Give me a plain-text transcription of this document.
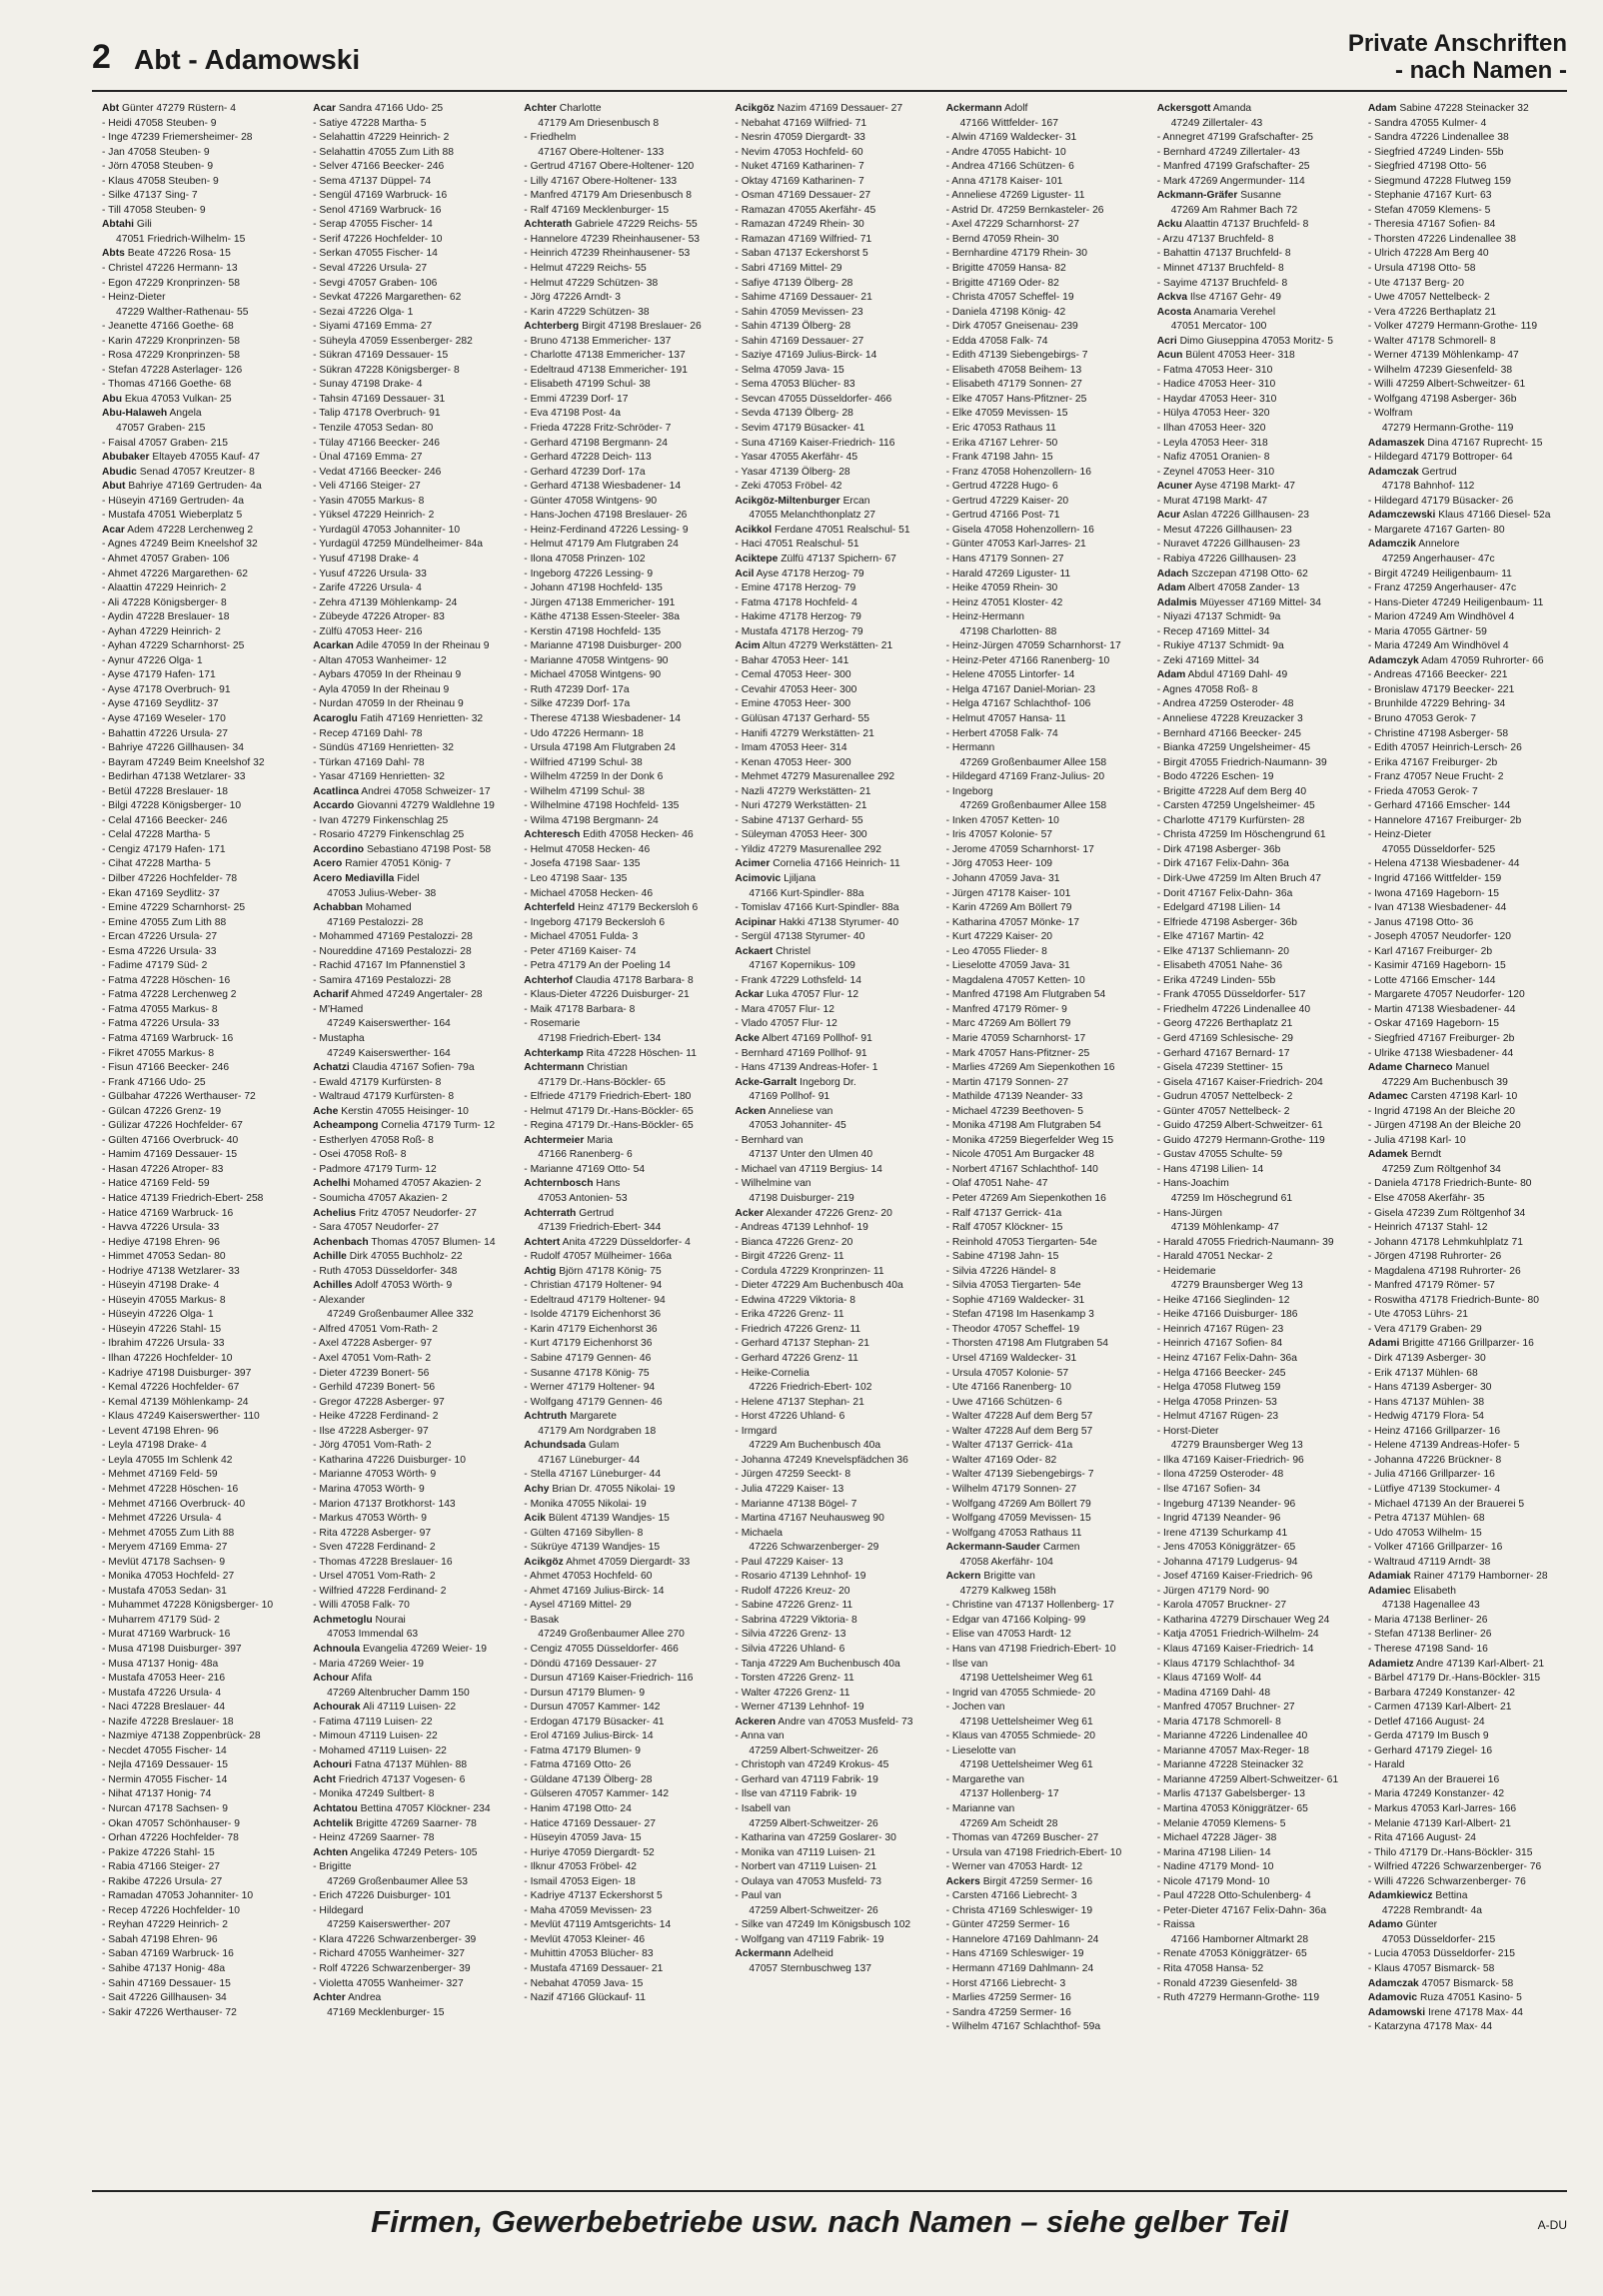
2 Abt - Adamowski
Private Anschriften
- nach Namen -
Abt Günter 47279 Rüstern- 4
- Heidi 47058 Steuben- 9
- Inge 47239 Friemersheimer- 28
- Jan 47058 Steuben- 9
- Jörn 47058 Steuben- 9
- Klaus 47058 Steuben- 9
- Silke 47137 Sing- 7
- Till 47058 Steuben- 9
Abtahi Gili
47051 Friedrich-Wilhelm- 15
Abts Beate 47226 Rosa- 15
- Christel 47226 Hermann- 13
- Egon 47229 Kronprinzen- 58
- Heinz-Dieter
47229 Walther-Rathenau- 55
- Jeanette 47166 Goethe- 68
- Karin 47229 Kronprinzen- 58
- Rosa 47229 Kronprinzen- 58
- Stefan 47228 Asterlager- 126
- Thomas 47166 Goethe- 68
Abu Ekua 47053 Vulkan- 25
Abu-Halaweh Angela
47057 Graben- 215
- Faisal 47057 Graben- 215
Abubaker Eltayeb 47055 Kauf- 47
Abudic Senad 47057 Kreutzer- 8
Abut Bahriye 47169 Gertruden- 4a
- Hüseyin 47169 Gertruden- 4a
- Mustafa 47051 Wieberplatz 5
Acar Adem 47228 Lerchenweg 2
- Agnes 47249 Beim Kneelshof 32
- Ahmet 47057 Graben- 106
- Ahmet 47226 Margarethen- 62
- Alaattin 47229 Heinrich- 2
- Ali 47228 Königsberger- 8
- Aydin 47228 Breslauer- 18
- Ayhan 47229 Heinrich- 2
- Ayhan 47229 Scharnhorst- 25
- Aynur 47226 Olga- 1
- Ayse 47179 Hafen- 171
- Ayse 47178 Overbruch- 91
- Ayse 47169 Seydlitz- 37
- Ayse 47169 Weseler- 170
- Bahattin 47226 Ursula- 27
- Bahriye 47226 Gillhausen- 34
- Bayram 47249 Beim Kneelshof 32
- Bedirhan 47138 Wetzlarer- 33
- Betül 47228 Breslauer- 18
- Bilgi 47228 Königsberger- 10
- Celal 47166 Beecker- 246
- Celal 47228 Martha- 5
- Cengiz 47179 Hafen- 171
- Cihat 47228 Martha- 5
- Dilber 47226 Hochfelder- 78
- Ekan 47169 Seydlitz- 37
- Emine 47229 Scharnhorst- 25
- Emine 47055 Zum Lith 88
- Ercan 47226 Ursula- 27
- Esma 47226 Ursula- 33
- Fadime 47179 Süd- 2
- Fatma 47228 Höschen- 16
- Fatma 47228 Lerchenweg 2
- Fatma 47055 Markus- 8
- Fatma 47226 Ursula- 33
- Fatma 47169 Warbruck- 16
- Fikret 47055 Markus- 8
- Fisun 47166 Beecker- 246
- Frank 47166 Udo- 25
- Gülbahar 47226 Werthauser- 72
- Gülcan 47226 Grenz- 19
- Gülizar 47226 Hochfelder- 67
- Gülten 47166 Overbruck- 40
- Hamim 47169 Dessauer- 15
- Hasan 47226 Atroper- 83
- Hatice 47169 Feld- 59
- Hatice 47139 Friedrich-Ebert- 258
- Hatice 47169 Warbruck- 16
- Havva 47226 Ursula- 33
- Hediye 47198 Ehren- 96
- Himmet 47053 Sedan- 80
- Hodriye 47138 Wetzlarer- 33
- Hüseyin 47198 Drake- 4
- Hüseyin 47055 Markus- 8
- Hüseyin 47226 Olga- 1
- Hüseyin 47226 Stahl- 15
- Ibrahim 47226 Ursula- 33
- Ilhan 47226 Hochfelder- 10
- Kadriye 47198 Duisburger- 397
- Kemal 47226 Hochfelder- 67
- Kemal 47139 Möhlenkamp- 24
- Klaus 47249 Kaiserswerther- 110
- Levent 47198 Ehren- 96
- Leyla 47198 Drake- 4
- Leyla 47055 Im Schlenk 42
- Mehmet 47169 Feld- 59
- Mehmet 47228 Höschen- 16
- Mehmet 47166 Overbruck- 40
- Mehmet 47226 Ursula- 4
- Mehmet 47055 Zum Lith 88
- Meryem 47169 Emma- 27
- Mevlüt 47178 Sachsen- 9
- Monika 47053 Hochfeld- 27
- Mustafa 47053 Sedan- 31
- Muhammet 47228 Königsberger- 10
- Muharrem 47179 Süd- 2
- Murat 47169 Warbruck- 16
- Musa 47198 Duisburger- 397
- Musa 47137 Honig- 48a
- Mustafa 47053 Heer- 216
- Mustafa 47226 Ursula- 4
- Naci 47228 Breslauer- 44
- Nazife 47228 Breslauer- 18
- Nazmiye 47138 Zoppenbrück- 28
- Necdet 47055 Fischer- 14
- Nejla 47169 Dessauer- 15
- Nermin 47055 Fischer- 14
- Nihat 47137 Honig- 74
- Nurcan 47178 Sachsen- 9
- Okan 47057 Schönhauser- 9
- Orhan 47226 Hochfelder- 78
- Pakize 47226 Stahl- 15
- Rabia 47166 Steiger- 27
- Rakibe 47226 Ursula- 27
- Ramadan 47053 Johanniter- 10
- Recep 47226 Hochfelder- 10
- Reyhan 47229 Heinrich- 2
- Sabah 47198 Ehren- 96
- Saban 47169 Warbruck- 16
- Sahibe 47137 Honig- 48a
- Sahin 47169 Dessauer- 15
- Sait 47226 Gillhausen- 34
- Sakir 47226 Werthauser- 72
Acar Sandra 47166 Udo- 25
- Satiye 47228 Martha- 5
- Selahattin 47229 Heinrich- 2
- Selahattin 47055 Zum Lith 88
- Selver 47166 Beecker- 246
- Sema 47137 Düppel- 74
- Sengül 47169 Warbruck- 16
- Senol 47169 Warbruck- 16
- Serap 47055 Fischer- 14
- Serif 47226 Hochfelder- 10
- Serkan 47055 Fischer- 14
- Seval 47226 Ursula- 27
- Sevgi 47057 Graben- 106
- Sevkat 47226 Margarethen- 62
- Sezai 47226 Olga- 1
- Siyami 47169 Emma- 27
- Süheyla 47059 Essenberger- 282
- Sükran 47169 Dessauer- 15
- Sükran 47228 Königsberger- 8
- Sunay 47198 Drake- 4
- Tahsin 47169 Dessauer- 31
- Talip 47178 Overbruch- 91
- Tenzile 47053 Sedan- 80
- Tülay 47166 Beecker- 246
- Ünal 47169 Emma- 27
- Vedat 47166 Beecker- 246
- Veli 47166 Steiger- 27
- Yasin 47055 Markus- 8
- Yüksel 47229 Heinrich- 2
- Yurdagül 47053 Johanniter- 10
- Yurdagül 47259 Mündelheimer- 84a
- Yusuf 47198 Drake- 4
- Yusuf 47226 Ursula- 33
- Zarife 47226 Ursula- 4
- Zehra 47139 Möhlenkamp- 24
- Zübeyde 47226 Atroper- 83
- Zülfü 47053 Heer- 216
Acarkan Adile 47059 In der Rheinau 9
- Altan 47053 Wanheimer- 12
- Aybars 47059 In der Rheinau 9
- Ayla 47059 In der Rheinau 9
- Nurdan 47059 In der Rheinau 9
Acaroglu Fatih 47169 Henrietten- 32
- Recep 47169 Dahl- 78
- Sündüs 47169 Henrietten- 32
- Türkan 47169 Dahl- 78
- Yasar 47169 Henrietten- 32
Acatlinca Andrei 47058 Schweizer- 17
Accardo Giovanni 47279 Waldlehne 19
- Ivan 47279 Finkenschlag 25
- Rosario 47279 Finkenschlag 25
Accordino Sebastiano 47198 Post- 58
Acero Ramier 47051 König- 7
Acero Mediavilla Fidel
47053 Julius-Weber- 38
Achabban Mohamed
47169 Pestalozzi- 28
- Mohammed 47169 Pestalozzi- 28
- Noureddine 47169 Pestalozzi- 28
- Rachid 47167 Im Pfannenstiel 3
- Samira 47169 Pestalozzi- 28
Acharif Ahmed 47249 Angertaler- 28
- M'Hamed
47249 Kaiserswerther- 164
- Mustapha
47249 Kaiserswerther- 164
Achatzi Claudia 47167 Sofien- 79a
- Ewald 47179 Kurfürsten- 8
- Waltraud 47179 Kurfürsten- 8
Ache Kerstin 47055 Heisinger- 10
Acheampong Cornelia 47179 Turm- 12
- Estherlyen 47058 Roß- 8
- Osei 47058 Roß- 8
- Padmore 47179 Turm- 12
Achelhi Mohamed 47057 Akazien- 2
- Soumicha 47057 Akazien- 2
Achelius Fritz 47057 Neudorfer- 27
- Sara 47057 Neudorfer- 27
Achenbach Thomas 47057 Blumen- 14
Achille Dirk 47055 Buchholz- 22
- Ruth 47053 Düsseldorfer- 348
Achilles Adolf 47053 Wörth- 9
- Alexander
47249 Großenbaumer Allee 332
- Alfred 47051 Vom-Rath- 2
- Axel 47228 Asberger- 97
- Axel 47051 Vom-Rath- 2
- Dieter 47239 Bonert- 56
- Gerhild 47239 Bonert- 56
- Gregor 47228 Asberger- 97
- Heike 47228 Ferdinand- 2
- Ilse 47228 Asberger- 97
- Jörg 47051 Vom-Rath- 2
- Katharina 47226 Duisburger- 10
- Marianne 47053 Wörth- 9
- Marina 47053 Wörth- 9
- Marion 47137 Brotkhorst- 143
- Markus 47053 Wörth- 9
- Rita 47228 Asberger- 97
- Sven 47228 Ferdinand- 2
- Thomas 47228 Breslauer- 16
- Ursel 47051 Vom-Rath- 2
- Wilfried 47228 Ferdinand- 2
- Willi 47058 Falk- 70
Achmetoglu Nourai
47053 Immendal 63
Achnoula Evangelia 47269 Weier- 19
- Maria 47269 Weier- 19
Achour Afifa
47269 Altenbrucher Damm 150
Achourak Ali 47119 Luisen- 22
- Fatima 47119 Luisen- 22
- Mimoun 47119 Luisen- 22
- Mohamed 47119 Luisen- 22
Achouri Fatna 47137 Mühlen- 88
Acht Friedrich 47137 Vogesen- 6
- Monika 47249 Sultbert- 8
Achtatou Bettina 47057 Klöckner- 234
Achtelik Brigitte 47269 Saarner- 78
- Heinz 47269 Saarner- 78
Achten Angelika 47249 Peters- 105
- Brigitte
47269 Großenbaumer Allee 53
- Erich 47226 Duisburger- 101
- Hildegard
47259 Kaiserswerther- 207
- Klara 47226 Schwarzenberger- 39
- Richard 47055 Wanheimer- 327
- Rolf 47226 Schwarzenberger- 39
- Violetta 47055 Wanheimer- 327
Achter Andrea
47169 Mecklenburger- 15
Achter Charlotte
47179 Am Driesenbusch 8
- Friedhelm
47167 Obere-Holtener- 133
- Gertrud 47167 Obere-Holtener- 120
- Lilly 47167 Obere-Holtener- 133
- Manfred 47179 Am Driesenbusch 8
- Ralf 47169 Mecklenburger- 15
Achterath Gabriele 47229 Reichs- 55
- Hannelore 47239 Rheinhausener- 53
- Heinrich 47239 Rheinhausener- 53
- Helmut 47229 Reichs- 55
- Helmut 47229 Schützen- 38
- Jörg 47226 Arndt- 3
- Karin 47229 Schützen- 38
Achterberg Birgit 47198 Breslauer- 26
- Bruno 47138 Emmericher- 137
- Charlotte 47138 Emmericher- 137
- Edeltraud 47138 Emmericher- 191
- Elisabeth 47199 Schul- 38
- Emmi 47239 Dorf- 17
- Eva 47198 Post- 4a
- Frieda 47228 Fritz-Schröder- 7
- Gerhard 47198 Bergmann- 24
- Gerhard 47228 Deich- 113
- Gerhard 47239 Dorf- 17a
- Gerhard 47138 Wiesbadener- 14
- Günter 47058 Wintgens- 90
- Hans-Jochen 47198 Breslauer- 26
- Heinz-Ferdinand 47226 Lessing- 9
- Helmut 47179 Am Flutgraben 24
- Ilona 47058 Prinzen- 102
- Ingeborg 47226 Lessing- 9
- Johann 47198 Hochfeld- 135
- Jürgen 47138 Emmericher- 191
- Käthe 47138 Essen-Steeler- 38a
- Kerstin 47198 Hochfeld- 135
- Marianne 47198 Duisburger- 200
- Marianne 47058 Wintgens- 90
- Michael 47058 Wintgens- 90
- Ruth 47239 Dorf- 17a
- Silke 47239 Dorf- 17a
- Therese 47138 Wiesbadener- 14
- Udo 47226 Hermann- 18
- Ursula 47198 Am Flutgraben 24
- Wilfried 47199 Schul- 38
- Wilhelm 47259 In der Donk 6
- Wilhelm 47199 Schul- 38
- Wilhelmine 47198 Hochfeld- 135
- Wilma 47198 Bergmann- 24
Achteresch Edith 47058 Hecken- 46
- Helmut 47058 Hecken- 46
- Josefa 47198 Saar- 135
- Leo 47198 Saar- 135
- Michael 47058 Hecken- 46
Achterfeld Heinz 47179 Beckersloh 6
- Ingeborg 47179 Beckersloh 6
- Michael 47051 Fulda- 3
- Peter 47169 Kaiser- 74
- Petra 47179 An der Poeling 14
Achterhof Claudia 47178 Barbara- 8
- Klaus-Dieter 47226 Duisburger- 21
- Maik 47178 Barbara- 8
- Rosemarie
47198 Friedrich-Ebert- 134
Achterkamp Rita 47228 Höschen- 11
Achtermann Christian
47179 Dr.-Hans-Böckler- 65
- Elfriede 47179 Friedrich-Ebert- 180
- Helmut 47179 Dr.-Hans-Böckler- 65
- Regina 47179 Dr.-Hans-Böckler- 65
Achtermeier Maria
47166 Ranenberg- 6
- Marianne 47169 Otto- 54
Achternbosch Hans
47053 Antonien- 53
Achterrath Gertrud
47139 Friedrich-Ebert- 344
Achtert Anita 47229 Düsseldorfer- 4
- Rudolf 47057 Mülheimer- 166a
Achtig Björn 47178 König- 75
- Christian 47179 Holtener- 94
- Edeltraud 47179 Holtener- 94
- Isolde 47179 Eichenhorst 36
- Karin 47179 Eichenhorst 36
- Kurt 47179 Eichenhorst 36
- Sabine 47179 Gennen- 46
- Susanne 47178 König- 75
- Werner 47179 Holtener- 94
- Wolfgang 47179 Gennen- 46
Achtruth Margarete
47179 Am Nordgraben 18
Achundsada Gulam
47167 Lüneburger- 44
- Stella 47167 Lüneburger- 44
Achy Brian Dr. 47055 Nikolai- 19
- Monika 47055 Nikolai- 19
Acik Bülent 47139 Wandjes- 15
- Gülten 47169 Sibyllen- 8
- Sükrüye 47139 Wandjes- 15
Acikgöz Ahmet 47059 Diergardt- 33
- Ahmet 47053 Hochfeld- 60
- Ahmet 47169 Julius-Birck- 14
- Aysel 47169 Mittel- 29
- Basak
47249 Großenbaumer Allee 270
- Cengiz 47055 Düsseldorfer- 466
- Döndü 47169 Dessauer- 27
- Dursun 47169 Kaiser-Friedrich- 116
- Dursun 47179 Blumen- 9
- Dursun 47057 Kammer- 142
- Erdogan 47179 Büsacker- 41
- Erol 47169 Julius-Birck- 14
- Fatma 47179 Blumen- 9
- Fatma 47169 Otto- 26
- Güldane 47139 Ölberg- 28
- Gülseren 47057 Kammer- 142
- Hanim 47198 Otto- 24
- Hatice 47169 Dessauer- 27
- Hüseyin 47059 Java- 15
- Huriye 47059 Diergardt- 52
- Ilknur 47053 Fröbel- 42
- Ismail 47053 Eigen- 18
- Kadriye 47137 Eckershorst 5
- Maha 47059 Mevissen- 23
- Mevlüt 47119 Amtsgerichts- 14
- Mevlüt 47053 Kleiner- 46
- Muhittin 47053 Blücher- 83
- Mustafa 47169 Dessauer- 21
- Nebahat 47059 Java- 15
- Nazif 47166 Glückauf- 11
Acikgöz Nazim 47169 Dessauer- 27
- Nebahat 47169 Wilfried- 71
- Nesrin 47059 Diergardt- 33
- Nevim 47053 Hochfeld- 60
- Nuket 47169 Katharinen- 7
- Oktay 47169 Katharinen- 7
- Osman 47169 Dessauer- 27
- Ramazan 47055 Akerfähr- 45
- Ramazan 47249 Rhein- 30
- Ramazan 47169 Wilfried- 71
- Saban 47137 Eckershorst 5
- Sabri 47169 Mittel- 29
- Safiye 47139 Ölberg- 28
- Sahime 47169 Dessauer- 21
- Sahin 47059 Mevissen- 23
- Sahin 47139 Ölberg- 28
- Sahin 47169 Dessauer- 27
- Saziye 47169 Julius-Birck- 14
- Selma 47059 Java- 15
- Sema 47053 Blücher- 83
- Sevcan 47055 Düsseldorfer- 466
- Sevda 47139 Ölberg- 28
- Sevim 47179 Büsacker- 41
- Suna 47169 Kaiser-Friedrich- 116
- Yasar 47055 Akerfähr- 45
- Yasar 47139 Ölberg- 28
- Zeki 47053 Fröbel- 42
Acikgöz-Miltenburger Ercan
47055 Melanchthonplatz 27
Acikkol Ferdane 47051 Realschul- 51
- Haci 47051 Realschul- 51
Aciktepe Zülfü 47137 Spichern- 67
Acil Ayse 47178 Herzog- 79
- Emine 47178 Herzog- 79
- Fatma 47178 Hochfeld- 4
- Hakime 47178 Herzog- 79
- Mustafa 47178 Herzog- 79
Acim Altun 47279 Werkstätten- 21
- Bahar 47053 Heer- 141
- Cemal 47053 Heer- 300
- Cevahir 47053 Heer- 300
- Emine 47053 Heer- 300
- Gülüsan 47137 Gerhard- 55
- Hanifi 47279 Werkstätten- 21
- Imam 47053 Heer- 314
- Kenan 47053 Heer- 300
- Mehmet 47279 Masurenallee 292
- Nazli 47279 Werkstätten- 21
- Nuri 47279 Werkstätten- 21
- Sabine 47137 Gerhard- 55
- Süleyman 47053 Heer- 300
- Yildiz 47279 Masurenallee 292
Acimer Cornelia 47166 Heinrich- 11
Acimovic Ljiljana
47166 Kurt-Spindler- 88a
- Tomislav 47166 Kurt-Spindler- 88a
Acipinar Hakki 47138 Styrumer- 40
- Sergül 47138 Styrumer- 40
Ackaert Christel
47167 Kopernikus- 109
- Frank 47229 Lothsfeld- 14
Ackar Luka 47057 Flur- 12
- Mara 47057 Flur- 12
- Vlado 47057 Flur- 12
Acke Albert 47169 Pollhof- 91
- Bernhard 47169 Pollhof- 91
- Hans 47139 Andreas-Hofer- 1
Acke-Garralt Ingeborg Dr.
47169 Pollhof- 91
Acken Anneliese van
47053 Johanniter- 45
- Bernhard van
47137 Unter den Ulmen 40
- Michael van 47119 Bergius- 14
- Wilhelmine van
47198 Duisburger- 219
Acker Alexander 47226 Grenz- 20
- Andreas 47139 Lehnhof- 19
- Bianca 47226 Grenz- 20
- Birgit 47226 Grenz- 11
- Cordula 47229 Kronprinzen- 11
- Dieter 47229 Am Buchenbusch 40a
- Edwina 47229 Viktoria- 8
- Erika 47226 Grenz- 11
- Friedrich 47226 Grenz- 11
- Gerhard 47137 Stephan- 21
- Gerhard 47226 Grenz- 11
- Heike-Cornelia
47226 Friedrich-Ebert- 102
- Helene 47137 Stephan- 21
- Horst 47226 Uhland- 6
- Irmgard
47229 Am Buchenbusch 40a
- Johanna 47249 Knevelspfädchen 36
- Jürgen 47259 Seeckt- 8
- Julia 47229 Kaiser- 13
- Marianne 47138 Bögel- 7
- Martina 47167 Neuhausweg 90
- Michaela
47226 Schwarzenberger- 29
- Paul 47229 Kaiser- 13
- Rosario 47139 Lehnhof- 19
- Rudolf 47226 Kreuz- 20
- Sabine 47226 Grenz- 11
- Sabrina 47229 Viktoria- 8
- Silvia 47226 Grenz- 13
- Silvia 47226 Uhland- 6
- Tanja 47229 Am Buchenbusch 40a
- Torsten 47226 Grenz- 11
- Walter 47226 Grenz- 11
- Werner 47139 Lehnhof- 19
Ackeren Andre van 47053 Musfeld- 73
- Anna van
47259 Albert-Schweitzer- 26
- Christoph van 47249 Krokus- 45
- Gerhard van 47119 Fabrik- 19
- Ilse van 47119 Fabrik- 19
- Isabell van
47259 Albert-Schweitzer- 26
- Katharina van 47259 Goslarer- 30
- Monika van 47119 Luisen- 21
- Norbert van 47119 Luisen- 21
- Oulaya van 47053 Musfeld- 73
- Paul van
47259 Albert-Schweitzer- 26
- Silke van 47249 Im Königsbusch 102
- Wolfgang van 47119 Fabrik- 19
Ackermann Adelheid
47057 Sternbuschweg 137
Ackermann Adolf
47166 Wittfelder- 167
- Alwin 47169 Waldecker- 31
- Andre 47055 Habicht- 10
- Andrea 47166 Schützen- 6
- Anna 47178 Kaiser- 101
- Anneliese 47269 Liguster- 11
- Astrid Dr. 47259 Bernkasteler- 26
- Axel 47229 Scharnhorst- 27
- Bernd 47059 Rhein- 30
- Bernhardine 47179 Rhein- 30
- Brigitte 47059 Hansa- 82
- Brigitte 47169 Oder- 82
- Christa 47057 Scheffel- 19
- Daniela 47198 König- 42
- Dirk 47057 Gneisenau- 239
- Edda 47058 Falk- 74
- Edith 47139 Siebengebirgs- 7
- Elisabeth 47058 Beihem- 13
- Elisabeth 47179 Sonnen- 27
- Elke 47057 Hans-Pfitzner- 25
- Elke 47059 Mevissen- 15
- Eric 47053 Rathaus 11
- Erika 47167 Lehrer- 50
- Frank 47198 Jahn- 15
- Franz 47058 Hohenzollern- 16
- Gertrud 47228 Hugo- 6
- Gertrud 47229 Kaiser- 20
- Gertrud 47166 Post- 71
- Gisela 47058 Hohenzollern- 16
- Günter 47053 Karl-Jarres- 21
- Hans 47179 Sonnen- 27
- Harald 47269 Liguster- 11
- Heike 47059 Rhein- 30
- Heinz 47051 Kloster- 42
- Heinz-Hermann
47198 Charlotten- 88
- Heinz-Jürgen 47059 Scharnhorst- 17
- Heinz-Peter 47166 Ranenberg- 10
- Helene 47055 Lintorfer- 14
- Helga 47167 Daniel-Morian- 23
- Helga 47167 Schlachthof- 106
- Helmut 47057 Hansa- 11
- Herbert 47058 Falk- 74
- Hermann
47269 Großenbaumer Allee 158
- Hildegard 47169 Franz-Julius- 20
- Ingeborg
47269 Großenbaumer Allee 158
- Inken 47057 Ketten- 10
- Iris 47057 Kolonie- 57
- Jerome 47059 Scharnhorst- 17
- Jörg 47053 Heer- 109
- Johann 47059 Java- 31
- Jürgen 47178 Kaiser- 101
- Karin 47269 Am Böllert 79
- Katharina 47057 Mönke- 17
- Kurt 47229 Kaiser- 20
- Leo 47055 Flieder- 8
- Lieselotte 47059 Java- 31
- Magdalena 47057 Ketten- 10
- Manfred 47198 Am Flutgraben 54
- Manfred 47179 Römer- 9
- Marc 47269 Am Böllert 79
- Marie 47059 Scharnhorst- 17
- Mark 47057 Hans-Pfitzner- 25
- Marlies 47269 Am Siepenkothen 16
- Martin 47179 Sonnen- 27
- Mathilde 47139 Neander- 33
- Michael 47239 Beethoven- 5
- Monika 47198 Am Flutgraben 54
- Monika 47259 Biegerfelder Weg 15
- Nicole 47051 Am Burgacker 48
- Norbert 47167 Schlachthof- 140
- Olaf 47051 Nahe- 47
- Peter 47269 Am Siepenkothen 16
- Ralf 47137 Gerrick- 41a
- Ralf 47057 Klöckner- 15
- Reinhold 47053 Tiergarten- 54e
- Sabine 47198 Jahn- 15
- Silvia 47226 Händel- 8
- Silvia 47053 Tiergarten- 54e
- Sophie 47169 Waldecker- 31
- Stefan 47198 Im Hasenkamp 3
- Theodor 47057 Scheffel- 19
- Thorsten 47198 Am Flutgraben 54
- Ursel 47169 Waldecker- 31
- Ursula 47057 Kolonie- 57
- Ute 47166 Ranenberg- 10
- Uwe 47166 Schützen- 6
- Walter 47228 Auf dem Berg 57
- Walter 47228 Auf dem Berg 57
- Walter 47137 Gerrick- 41a
- Walter 47169 Oder- 82
- Walter 47139 Siebengebirgs- 7
- Wilhelm 47179 Sonnen- 27
- Wolfgang 47269 Am Böllert 79
- Wolfgang 47059 Mevissen- 15
- Wolfgang 47053 Rathaus 11
Ackermann-Sauder Carmen
47058 Akerfähr- 104
Ackern Brigitte van
47279 Kalkweg 158h
- Christine van 47137 Hollenberg- 17
- Edgar van 47166 Kolping- 99
- Elise van 47053 Hardt- 12
- Hans van 47198 Friedrich-Ebert- 10
- Ilse van
47198 Uettelsheimer Weg 61
- Ingrid van 47055 Schmiede- 20
- Jochen van
47198 Uettelsheimer Weg 61
- Klaus van 47055 Schmiede- 20
- Lieselotte van
47198 Uettelsheimer Weg 61
- Margarethe van
47137 Hollenberg- 17
- Marianne van
47269 Am Scheidt 28
- Thomas van 47269 Buscher- 27
- Ursula van 47198 Friedrich-Ebert- 10
- Werner van 47053 Hardt- 12
Ackers Birgit 47259 Sermer- 16
- Carsten 47166 Liebrecht- 3
- Christa 47169 Schleswiger- 19
- Günter 47259 Sermer- 16
- Hannelore 47169 Dahlmann- 24
- Hans 47169 Schleswiger- 19
- Hermann 47169 Dahlmann- 24
- Horst 47166 Liebrecht- 3
- Marlies 47259 Sermer- 16
- Sandra 47259 Sermer- 16
- Wilhelm 47167 Schlachthof- 59a
Ackersgott Amanda
47249 Zillertaler- 43
- Annegret 47199 Grafschafter- 25
- Bernhard 47249 Zillertaler- 43
- Manfred 47199 Grafschafter- 25
- Mark 47269 Angermunder- 114
Ackmann-Gräfer Susanne
47269 Am Rahmer Bach 72
Acku Alaattin 47137 Bruchfeld- 8
- Arzu 47137 Bruchfeld- 8
- Bahattin 47137 Bruchfeld- 8
- Minnet 47137 Bruchfeld- 8
- Sayime 47137 Bruchfeld- 8
Ackva Ilse 47167 Gehr- 49
Acosta Anamaria Verehel
47051 Mercator- 100
Acri Dimo Giuseppina 47053 Moritz- 5
Acun Bülent 47053 Heer- 318
- Fatma 47053 Heer- 310
- Hadice 47053 Heer- 310
- Haydar 47053 Heer- 310
- Hülya 47053 Heer- 320
- Ilhan 47053 Heer- 320
- Leyla 47053 Heer- 318
- Nafiz 47051 Oranien- 8
- Zeynel 47053 Heer- 310
Acuner Ayse 47198 Markt- 47
- Murat 47198 Markt- 47
Acur Aslan 47226 Gillhausen- 23
- Mesut 47226 Gillhausen- 23
- Nuravet 47226 Gillhausen- 23
- Rabiya 47226 Gillhausen- 23
Adach Szczepan 47198 Otto- 62
Adam Albert 47058 Zander- 13
Adalmis Müyesser 47169 Mittel- 34
- Niyazi 47137 Schmidt- 9a
- Recep 47169 Mittel- 34
- Rukiye 47137 Schmidt- 9a
- Zeki 47169 Mittel- 34
Adam Abdul 47169 Dahl- 49
- Agnes 47058 Roß- 8
- Andrea 47259 Osteroder- 48
- Anneliese 47228 Kreuzacker 3
- Bernhard 47166 Beecker- 245
- Bianka 47259 Ungelsheimer- 45
- Birgit 47055 Friedrich-Naumann- 39
- Bodo 47226 Eschen- 19
- Brigitte 47228 Auf dem Berg 40
- Carsten 47259 Ungelsheimer- 45
- Charlotte 47179 Kurfürsten- 28
- Christa 47259 Im Höschengrund 61
- Dirk 47198 Asberger- 36b
- Dirk 47167 Felix-Dahn- 36a
- Dirk-Uwe 47259 Im Alten Bruch 47
- Dorit 47167 Felix-Dahn- 36a
- Edelgard 47198 Lilien- 14
- Elfriede 47198 Asberger- 36b
- Elke 47167 Martin- 42
- Elke 47137 Schliemann- 20
- Elisabeth 47051 Nahe- 36
- Erika 47249 Linden- 55b
- Frank 47055 Düsseldorfer- 517
- Friedhelm 47226 Lindenallee 40
- Georg 47226 Berthaplatz 21
- Gerd 47169 Schlesische- 29
- Gerhard 47167 Bernard- 17
- Gisela 47239 Stettiner- 15
- Gisela 47167 Kaiser-Friedrich- 204
- Gudrun 47057 Nettelbeck- 2
- Günter 47057 Nettelbeck- 2
- Guido 47259 Albert-Schweitzer- 61
- Guido 47279 Hermann-Grothe- 119
- Gustav 47055 Schulte- 59
- Hans 47198 Lilien- 14
- Hans-Joachim
47259 Im Höschegrund 61
- Hans-Jürgen
47139 Möhlenkamp- 47
- Harald 47055 Friedrich-Naumann- 39
- Harald 47051 Neckar- 2
- Heidemarie
47279 Braunsberger Weg 13
- Heike 47166 Sieglinden- 12
- Heike 47166 Duisburger- 186
- Heinrich 47167 Rügen- 23
- Heinrich 47167 Sofien- 84
- Heinz 47167 Felix-Dahn- 36a
- Helga 47166 Beecker- 245
- Helga 47058 Flutweg 159
- Helga 47058 Prinzen- 53
- Helmut 47167 Rügen- 23
- Horst-Dieter
47279 Braunsberger Weg 13
- Ilka 47169 Kaiser-Friedrich- 96
- Ilona 47259 Osteroder- 48
- Ilse 47167 Sofien- 34
- Ingeburg 47139 Neander- 96
- Ingrid 47139 Neander- 96
- Irene 47139 Schurkamp 41
- Jens 47053 Königgrätzer- 65
- Johanna 47179 Ludgerus- 94
- Josef 47169 Kaiser-Friedrich- 96
- Jürgen 47179 Nord- 90
- Karola 47057 Bruckner- 27
- Katharina 47279 Dirschauer Weg 24
- Katja 47051 Friedrich-Wilhelm- 24
- Klaus 47169 Kaiser-Friedrich- 14
- Klaus 47179 Schlachthof- 34
- Klaus 47169 Wolf- 44
- Madina 47169 Dahl- 48
- Manfred 47057 Bruchner- 27
- Maria 47178 Schmorell- 8
- Marianne 47226 Lindenallee 40
- Marianne 47057 Max-Reger- 18
- Marianne 47228 Steinacker 32
- Marianne 47259 Albert-Schweitzer- 61
- Marlis 47137 Gabelsberger- 13
- Martina 47053 Königgrätzer- 65
- Melanie 47059 Klemens- 5
- Michael 47228 Jäger- 38
- Marina 47198 Lilien- 14
- Nadine 47179 Mond- 10
- Nicole 47179 Mond- 10
- Paul 47228 Otto-Schulenberg- 4
- Peter-Dieter 47167 Felix-Dahn- 36a
- Raissa
47166 Hamborner Altmarkt 28
- Renate 47053 Königgrätzer- 65
- Rita 47058 Hansa- 52
- Ronald 47239 Giesenfeld- 38
- Ruth 47279 Hermann-Grothe- 119
Adam Sabine 47228 Steinacker 32
- Sandra 47055 Kulmer- 4
- Sandra 47226 Lindenallee 38
- Siegfried 47249 Linden- 55b
- Siegfried 47198 Otto- 56
- Siegmund 47228 Flutweg 159
- Stephanie 47167 Kurt- 63
- Stefan 47059 Klemens- 5
- Theresia 47167 Sofien- 84
- Thorsten 47226 Lindenallee 38
- Ulrich 47228 Am Berg 40
- Ursula 47198 Otto- 58
- Ute 47137 Berg- 20
- Uwe 47057 Nettelbeck- 2
- Vera 47226 Berthaplatz 21
- Volker 47279 Hermann-Grothe- 119
- Walter 47178 Schmorell- 8
- Werner 47139 Möhlenkamp- 47
- Wilhelm 47239 Giesenfeld- 38
- Willi 47259 Albert-Schweitzer- 61
- Wolfgang 47198 Asberger- 36b
- Wolfram
47279 Hermann-Grothe- 119
Adamaszek Dina 47167 Ruprecht- 15
- Hildegard 47179 Bottroper- 64
Adamczak Gertrud
47178 Bahnhof- 112
- Hildegard 47179 Büsacker- 26
Adamczewski Klaus 47166 Diesel- 52a
- Margarete 47167 Garten- 80
Adamczik Annelore
47259 Angerhauser- 47c
- Birgit 47249 Heiligenbaum- 11
- Franz 47259 Angerhauser- 47c
- Hans-Dieter 47249 Heiligenbaum- 11
- Marion 47249 Am Windhövel 4
- Maria 47055 Gärtner- 59
- Maria 47249 Am Windhövel 4
Adamczyk Adam 47059 Ruhrorter- 66
- Andreas 47166 Beecker- 221
- Bronislaw 47179 Beecker- 221
- Brunhilde 47229 Behring- 34
- Bruno 47053 Gerok- 7
- Christine 47198 Asberger- 58
- Edith 47057 Heinrich-Lersch- 26
- Erika 47167 Freiburger- 2b
- Franz 47057 Neue Frucht- 2
- Frieda 47053 Gerok- 7
- Gerhard 47166 Emscher- 144
- Hannelore 47167 Freiburger- 2b
- Heinz-Dieter
47055 Düsseldorfer- 525
- Helena 47138 Wiesbadener- 44
- Ingrid 47166 Wittfelder- 159
- Iwona 47169 Hageborn- 15
- Ivan 47138 Wiesbadener- 44
- Janus 47198 Otto- 36
- Joseph 47057 Neudorfer- 120
- Karl 47167 Freiburger- 2b
- Kasimir 47169 Hageborn- 15
- Lotte 47166 Emscher- 144
- Margarete 47057 Neudorfer- 120
- Martin 47138 Wiesbadener- 44
- Oskar 47169 Hageborn- 15
- Siegfried 47167 Freiburger- 2b
- Ulrike 47138 Wiesbadener- 44
Adame Charneco Manuel
47229 Am Buchenbusch 39
Adamec Carsten 47198 Karl- 10
- Ingrid 47198 An der Bleiche 20
- Jürgen 47198 An der Bleiche 20
- Julia 47198 Karl- 10
Adamek Berndt
47259 Zum Röltgenhof 34
- Daniela 47178 Friedrich-Bunte- 80
- Else 47058 Akerfähr- 35
- Gisela 47239 Zum Röltgenhof 34
- Heinrich 47137 Stahl- 12
- Johann 47178 Lehmkuhlplatz 71
- Jörgen 47198 Ruhrorter- 26
- Magdalena 47198 Ruhrorter- 26
- Manfred 47179 Römer- 57
- Roswitha 47178 Friedrich-Bunte- 80
- Ute 47053 Lührs- 21
- Vera 47179 Graben- 29
Adami Brigitte 47166 Grillparzer- 16
- Dirk 47139 Asberger- 30
- Erik 47137 Mühlen- 68
- Hans 47139 Asberger- 30
- Hans 47137 Mühlen- 38
- Hedwig 47179 Flora- 54
- Heinz 47166 Grillparzer- 16
- Helene 47139 Andreas-Hofer- 5
- Johanna 47226 Brückner- 8
- Julia 47166 Grillparzer- 16
- Lütfiye 47139 Stockumer- 4
- Michael 47139 An der Brauerei 5
- Petra 47137 Mühlen- 68
- Udo 47053 Wilhelm- 15
- Volker 47166 Grillparzer- 16
- Waltraud 47119 Arndt- 38
Adamiak Rainer 47179 Hamborner- 28
Adamiec Elisabeth
47138 Hagenallee 43
- Maria 47138 Berliner- 26
- Stefan 47138 Berliner- 26
- Therese 47198 Sand- 16
Adamietz Andre 47139 Karl-Albert- 21
- Bärbel 47179 Dr.-Hans-Böckler- 315
- Barbara 47249 Konstanzer- 42
- Carmen 47139 Karl-Albert- 21
- Detlef 47166 August- 24
- Gerda 47179 Im Busch 9
- Gerhard 47179 Ziegel- 16
- Harald
47139 An der Brauerei 16
- Maria 47249 Konstanzer- 42
- Markus 47053 Karl-Jarres- 166
- Melanie 47139 Karl-Albert- 21
- Rita 47166 August- 24
- Thilo 47179 Dr.-Hans-Böckler- 315
- Wilfried 47226 Schwarzenberger- 76
- Willi 47226 Schwarzenberger- 76
Adamkiewicz Bettina
47228 Rembrandt- 4a
Adamo Günter
47053 Düsseldorfer- 215
- Lucia 47053 Düsseldorfer- 215
- Klaus 47057 Bismarck- 58
Adamczak 47057 Bismarck- 58
Adamovic Ruza 47051 Kasino- 5
Adamowski Irene 47178 Max- 44
- Katarzyna 47178 Max- 44
Firmen, Gewerbebetriebe usw. nach Namen – siehe gelber Teil	A-DU
